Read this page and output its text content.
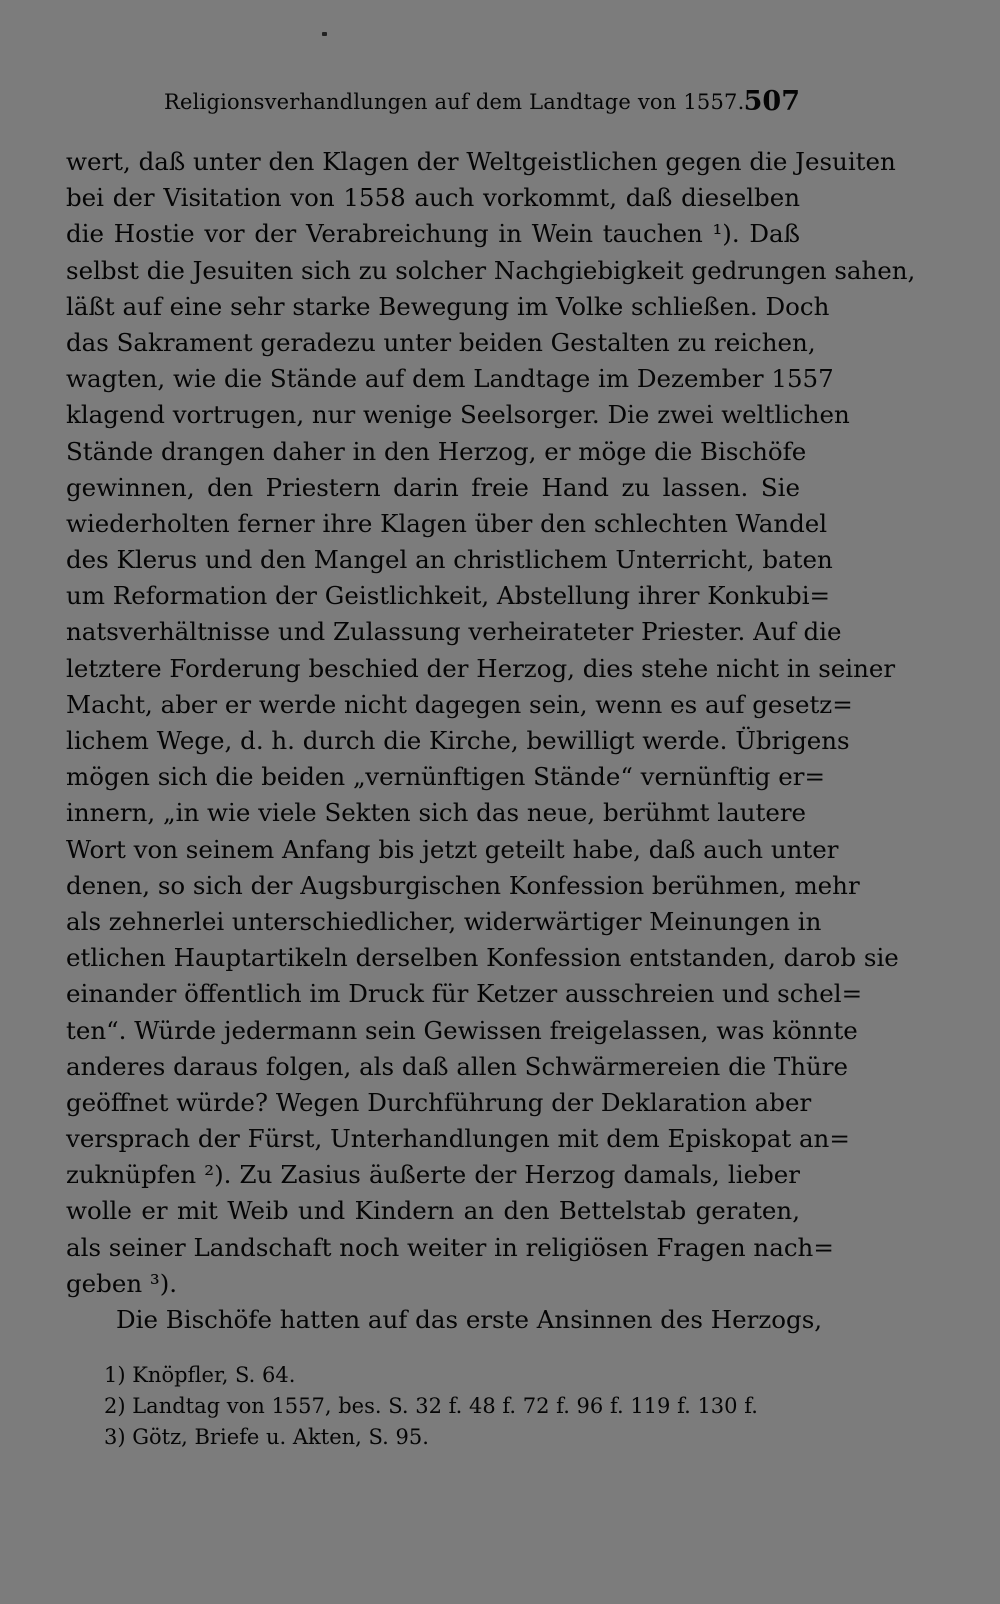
Religionsverhandlungen auf dem Landtage von 1557. 507
wert, daß unter den Klagen der Weltgeistlichen gegen die Jesuiten
bei der Visitation von 1558 auch vorkommt, daß dieselben
die Hostie vor der Verabreichung in Wein tauchen ¹). Daß
selbst die Jesuiten sich zu solcher Nachgiebigkeit gedrungen sahen,
läßt auf eine sehr starke Bewegung im Volke schließen. Doch
das Sakrament geradezu unter beiden Gestalten zu reichen,
wagten, wie die Stände auf dem Landtage im Dezember 1557
klagend vortrugen, nur wenige Seelsorger. Die zwei weltlichen
Stände drangen daher in den Herzog, er möge die Bischöfe
gewinnen, den Priestern darin freie Hand zu lassen. Sie
wiederholten ferner ihre Klagen über den schlechten Wandel
des Klerus und den Mangel an christlichem Unterricht, baten
um Reformation der Geistlichkeit, Abstellung ihrer Konkubi=
natsverhältnisse und Zulassung verheirateter Priester. Auf die
letztere Forderung beschied der Herzog, dies stehe nicht in seiner
Macht, aber er werde nicht dagegen sein, wenn es auf gesetz=
lichem Wege, d. h. durch die Kirche, bewilligt werde. Übrigens
mögen sich die beiden „vernünftigen Stände“ vernünftig er=
innern, „in wie viele Sekten sich das neue, berühmt lautere
Wort von seinem Anfang bis jetzt geteilt habe, daß auch unter
denen, so sich der Augsburgischen Konfession berühmen, mehr
als zehnerlei unterschiedlicher, widerwärtiger Meinungen in
etlichen Hauptartikeln derselben Konfession entstanden, darob sie
einander öffentlich im Druck für Ketzer ausschreien und schel=
ten“. Würde jedermann sein Gewissen freigelassen, was könnte
anderes daraus folgen, als daß allen Schwärmereien die Thüre
geöffnet würde? Wegen Durchführung der Deklaration aber
versprach der Fürst, Unterhandlungen mit dem Episkopat an=
zuknüpfen ²). Zu Zasius äußerte der Herzog damals, lieber
wolle er mit Weib und Kindern an den Bettelstab geraten,
als seiner Landschaft noch weiter in religiösen Fragen nach=
geben ³).
Die Bischöfe hatten auf das erste Ansinnen des Herzogs,
1) Knöpfler, S. 64.
2) Landtag von 1557, bes. S. 32 f. 48 f. 72 f. 96 f. 119 f. 130 f.
3) Götz, Briefe u. Akten, S. 95.
